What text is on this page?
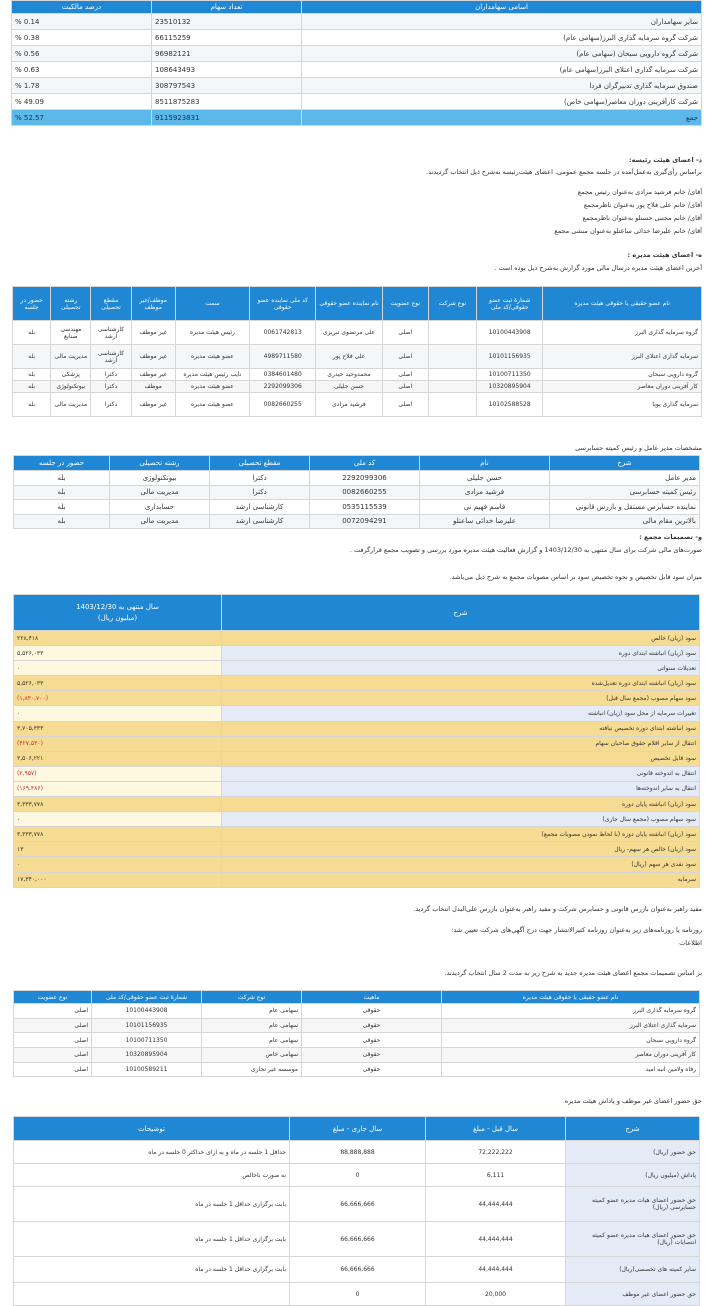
اسامی سهامداران	تعداد سهام	درصد مالکیت
سایر سهامداران	23510132	% 0.14
شرکت گروه سرمایه گذاری البرز(سهامی عام)	66115259	% 0.38
شرکت گروه دارویی سبحان (سهامی عام)	96982121	% 0.56
شرکت سرمایه گذاری اعتلای البرز(سهامی عام)	108643493	% 0.63
صندوق سرمایه گذاری تدبیرگران فردا	308797543	% 1.78
شرکت کارآفرینی دوران معاصر(سهامی خاص)	8511875283	% 49.09
جمع	9115923831	% 52.57
د- اعضای هیئت رئیسه:
براساس رأی‌گیری به‌عمل‌آمده در جلسه مجمع عمومی، اعضای هیئت‌رئیسه به‌شرح ذیل انتخاب گردیدند.
آقای/ خانم فرشید مرادی به‌عنوان رئیس مجمع
آقای/ خانم علی فلاح پور به‌عنوان ناظرمجمع
آقای/ خانم مجتبی حسنلو به‌عنوان ناظرمجمع
آقای/ خانم علیرضا خدائی ساعتلو به‌عنوان منشی مجمع
ه- اعضای هیئت مدیره :
آخرین اعضای هیئت مدیره درسال مالی مورد گزارش به‌شرح ذیل بوده است .
نام عضو حقیقی یا حقوقی هیئت مدیره	شمارهٔ ثبت عضو حقوقی/کد ملی	نوع شرکت	نوع عضویت	نام نماینده عضو حقوقی	کد ملی نماینده عضو حقوقی	سمت	موظف/غیر موظف	مقطع تحصیلی	رشته تحصیلی	حضور در جلسه
گروه سرمایه گذاری البرز	10100443908		اصلی	علی مرتضوی تبریزی	0061742813	رئیس هیئت مدیره	غیر موظف	کارشناسی ارشد	مهندسی صنایع	بله
سرمایه گذاری اعتلای البرز	10101156935		اصلی	علی فلاح پور	4989711580	عضو هیئت مدیره	غیر موظف	کارشناسی ارشد	مدیریت مالی	بله
گروه دارویی سبحان	10100711350		اصلی	محمدوحید حیدری	0384601480	نایب رئیس هیئت مدیره	غیر موظف	دکترا	پزشکی	بله
کار آفرینی دوران معاصر	10320895904		اصلی	حسن جلیلی	2292099306	عضو هیئت مدیره	موظف	دکترا	بیوتکنولوژی	بله
سرمایه گذاری پویا	10102588528		اصلی	فرشید مرادی	0082660255	عضو هیئت مدیره	غیر موظف	دکترا	مدیریت مالی	بله
مشخصات مدیر عامل و رئیس کمیته حسابرسی
شرح	نام	کد ملی	مقطع تحصیلی	رشته تحصیلی	حضور در جلسه
مدیر عامل	حسن جلیلی	2292099306	دکترا	بیوتکنولوژی	بله
رئیس کمیته حسابرسی	فرشید مرادی	0082660255	دکترا	مدیریت مالی	بله
نماینده حسابرس مستقل و بازرس قانونی	قاسم فهیم نی	0535115539	کارشناسی ارشد	حسابداری	بله
بالاترین مقام مالی	علیرضا خدائی ساعتلو	0072094291	کارشناسی ارشد	مدیریت مالی	بله
و- تصمیمات مجمع :
صورت‌های مالی شرکت برای سال منتهی به 1403/12/30 و گزارش فعالیت هیئت مدیره مورد بررسی و تصویب مجمع قرارگرفت .
میزان سود قابل تخصیص و نحوه تخصیص سود بر اساس مصوبات مجمع به شرح ذیل می‌باشد.
شرح	سال منتهی به 1403/12/30
(میلیون ریال)

سود (زیان) خالص	۲۲۸,۴۱۸
سود (زیان) انباشته ابتدای دوره	۵,۵۲۶,۰۳۳
تعدیلات سنواتی	۰
سود (زیان) انباشته ابتدای دوره تعدیل‌شده	۵,۵۲۶,۰۳۳
سود سهام مصوب (مجمع سال قبل)	(۱,۸۴۰,۷۰۰)
تغییرات سرمایه از محل سود (زیان) انباشته	۰
سود انباشته ابتدای دوره تخصیص نیافته	۳,۷۰۵,۳۳۳
انتقال از سایر اقلام حقوق صاحبان سهام	(۴۲۷,۵۳۰)
سود قابل تخصیص	۳,۵۰۶,۲۲۱
انتقال به اندوخته قانونی	(۲,۹۵۷)
انتقال به سایر اندوخته‌ها	(۱۶۹,۴۸۶)
سود (زیان) انباشته پایان دوره	۳,۳۳۳,۷۷۸
سود سهام مصوب (مجمع سال جاری)	۰
سود (زیان) انباشته پایان دوره (با لحاظ نمودن مصوبات مجمع)	۳,۳۳۳,۷۷۸
سود (زیان) خالص هر سهم- ریال	۱۳
سود نقدی هر سهم (ریال)	۰
سرمایه	۱۷,۳۴۰,۰۰۰
مفید راهبر به‌عنوان بازرس قانونی و حسابرس شرکت و مفید راهبر به‌عنوان بازرس علی‌البدل انتخاب گردید.
روزنامه یا روزنامه‌های زیر به‌عنوان روزنامه کثیرالانتشار جهت درج آگهی‌های شرکت تعیین شد:
اطلاعات
بر اساس تصمیمات مجمع اعضای هیئت مدیره جدید به شرح زیر به مدت 2 سال انتخاب گردیدند.
نام عضو حقیقی یا حقوقی هیئت مدیره	ماهیت	نوع شرکت	شمارهٔ ثبت عضو حقوقی/کد ملی	نوع عضویت
گروه سرمایه گذاری البرز	حقوقی	سهامی عام	10100443908	اصلی
سرمایه گذاری اعتلای البرز	حقوقی	سهامی عام	10101156935	اصلی
گروه دارویی سبحان	حقوقی	سهامی عام	10100711350	اصلی
کار آفرینی دوران معاصر	حقوقی	سهامی خاص	10320895904	اصلی
رفاه ولامین انبه امید	حقوقی	موسسه غیر تجاری	10100589211	اصلی
حق حضور اعضای غیر موظف و پاداش هیئت مدیره
شرح	سال قبل - مبلغ	سال جاری - مبلغ	توضیحات
حق حضور (ریال)	72,222,222	88,888,888	حداقل 1 جلسه در ماه و به ازای حداکثر 0 جلسه در ماه
پاداش (میلیون ریال)	6,111	0	به صورت ناخالص
حق حضور اعضای هیات مدیره عضو کمیته حسابرسی (ریال)	44,444,444	66,666,666	بابت برگزاری حداقل 1 جلسه در ماه
حق حضور اعضای هیات مدیره عضو کمیته انتصابات (ریال)	44,444,444	66,666,666	بابت برگزاری حداقل 1 جلسه در ماه
سایر کمیته های تخصصی(ریال)	44,444,444	66,666,666	بابت برگزاری حداقل 1 جلسه در ماه
حق حضور اعضای غیر موظف	20,000	0	
